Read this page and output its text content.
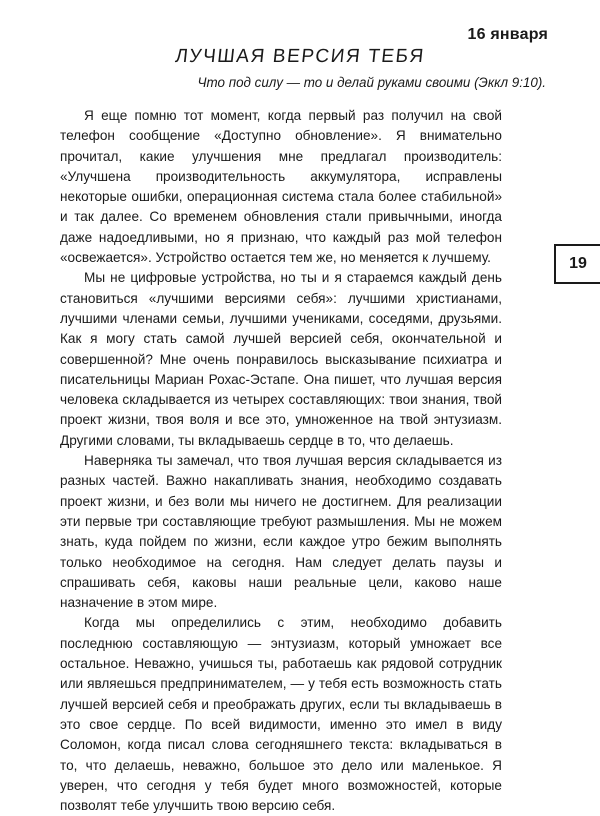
16 января
ЛУЧШАЯ ВЕРСИЯ ТЕБЯ
Что под силу — то и делай руками своими (Эккл 9:10).

Я еще помню тот момент, когда первый раз получил на свой телефон сообщение «Доступно обновление». Я внимательно прочитал, какие улучшения мне предлагал производитель: «Улучшена производительность аккумулятора, исправлены некоторые ошибки, операционная система стала более стабильной» и так далее. Со временем обновления стали привычными, иногда даже надоедливыми, но я признаю, что каждый раз мой телефон «освежается». Устройство остается тем же, но меняется к лучшему.

Мы не цифровые устройства, но ты и я стараемся каждый день становиться «лучшими версиями себя»: лучшими христианами, лучшими членами семьи, лучшими учениками, соседями, друзьями. Как я могу стать самой лучшей версией себя, окончательной и совершенной? Мне очень понравилось высказывание психиатра и писательницы Мариан Рохас-Эстапе. Она пишет, что лучшая версия человека складывается из четырех составляющих: твои знания, твой проект жизни, твоя воля и все это, умноженное на твой энтузиазм. Другими словами, ты вкладываешь сердце в то, что делаешь.

Наверняка ты замечал, что твоя лучшая версия складывается из разных частей. Важно накапливать знания, необходимо создавать проект жизни, и без воли мы ничего не достигнем. Для реализации эти первые три составляющие требуют размышления. Мы не можем знать, куда пойдем по жизни, если каждое утро бежим выполнять только необходимое на сегодня. Нам следует делать паузы и спрашивать себя, каковы наши реальные цели, каково наше назначение в этом мире.

Когда мы определились с этим, необходимо добавить последнюю составляющую — энтузиазм, который умножает все остальное. Неважно, учишься ты, работаешь как рядовой сотрудник или являешься предпринимателем, — у тебя есть возможность стать лучшей версией себя и преображать других, если ты вкладываешь в это свое сердце. По всей видимости, именно это имел в виду Соломон, когда писал слова сегодняшнего текста: вкладываться в то, что делаешь, неважно, большое это дело или маленькое. Я уверен, что сегодня у тебя будет много возможностей, которые позволят тебе улучшить твою версию себя.

19
